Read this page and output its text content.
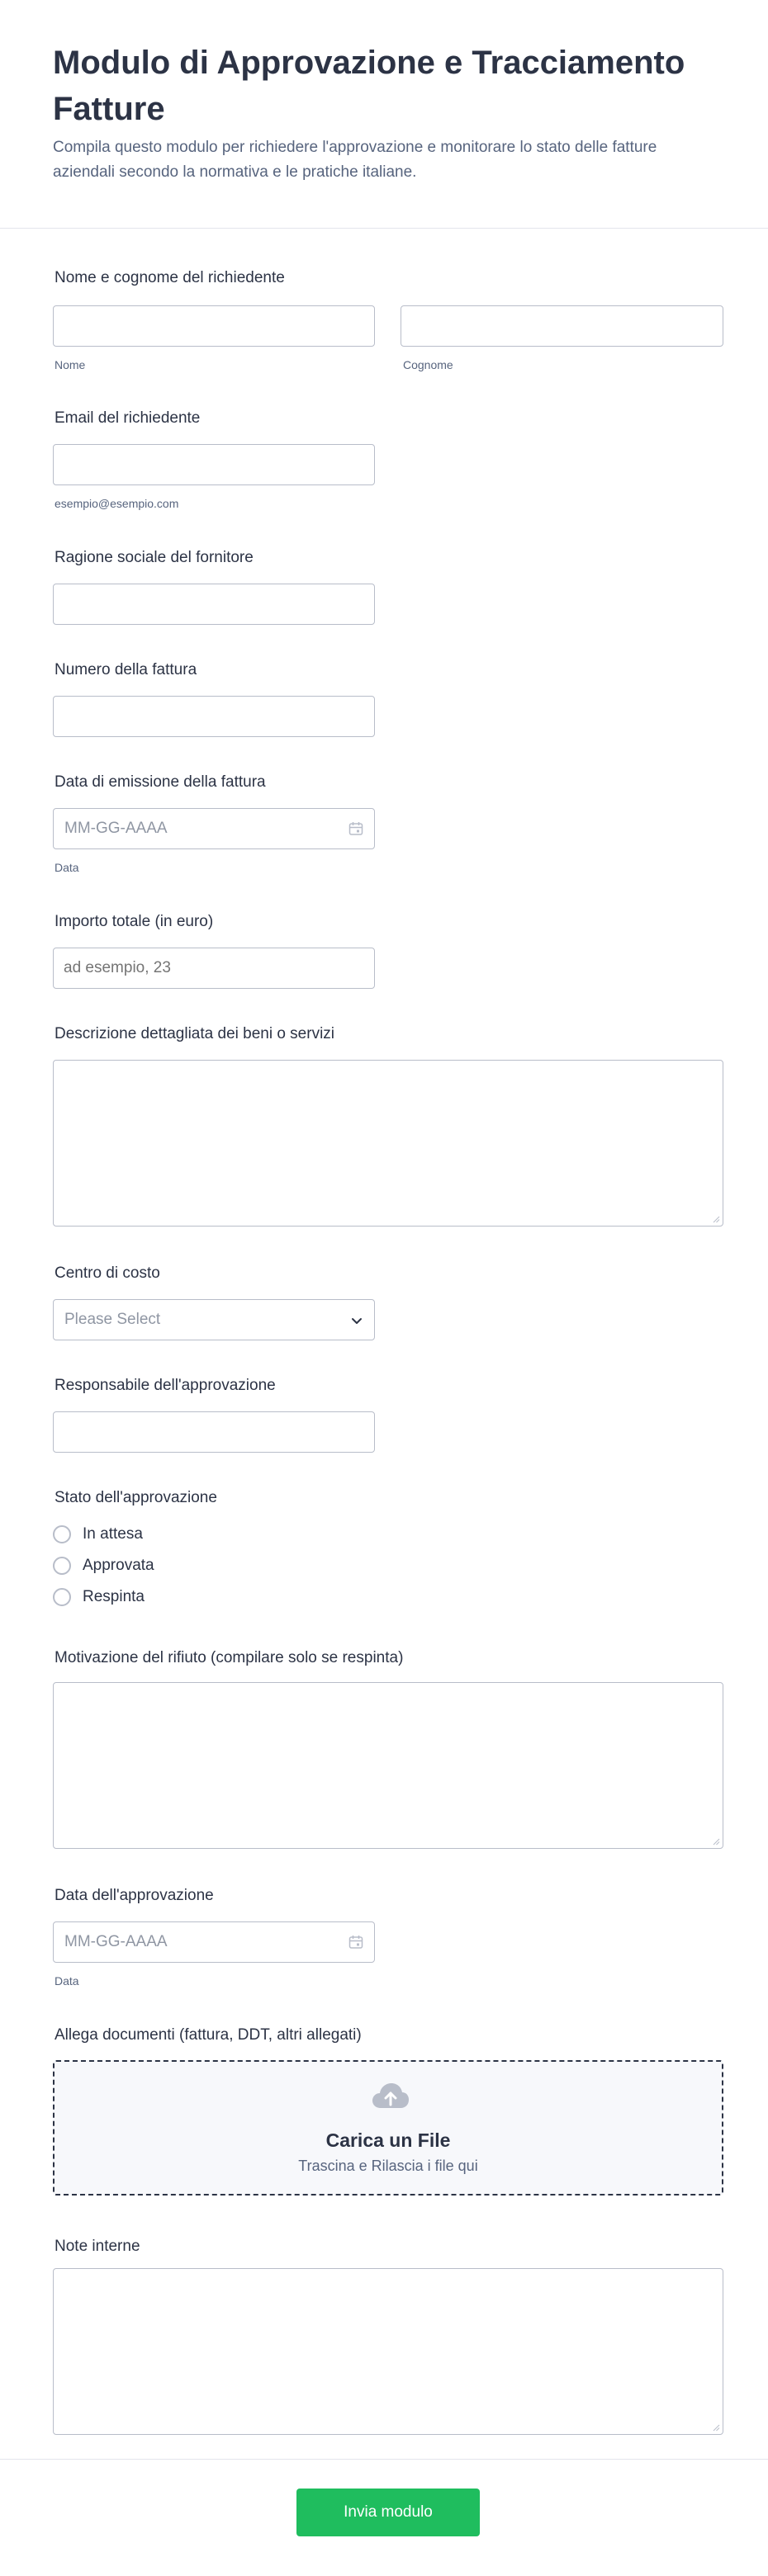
Modulo di Approvazione e Tracciamento Fatture

Compila questo modulo per richiedere l'approvazione e monitorare lo stato delle fatture aziendali secondo la normativa e le pratiche italiane.

Nome e cognome del richiedente
Nome	Cognome
Email del richiedente
esempio@esempio.com
Ragione sociale del fornitore
Numero della fattura
Data di emissione della fattura
MM-GG-AAAA
Data
Importo totale (in euro)
ad esempio, 23
Descrizione dettagliata dei beni o servizi
Centro di costo
Please Select
Responsabile dell'approvazione
Stato dell'approvazione
In attesa
Approvata
Respinta
Motivazione del rifiuto (compilare solo se respinta)
Data dell'approvazione
MM-GG-AAAA
Data
Allega documenti (fattura, DDT, altri allegati)
Carica un File
Trascina e Rilascia i file qui
Note interne
Invia modulo
